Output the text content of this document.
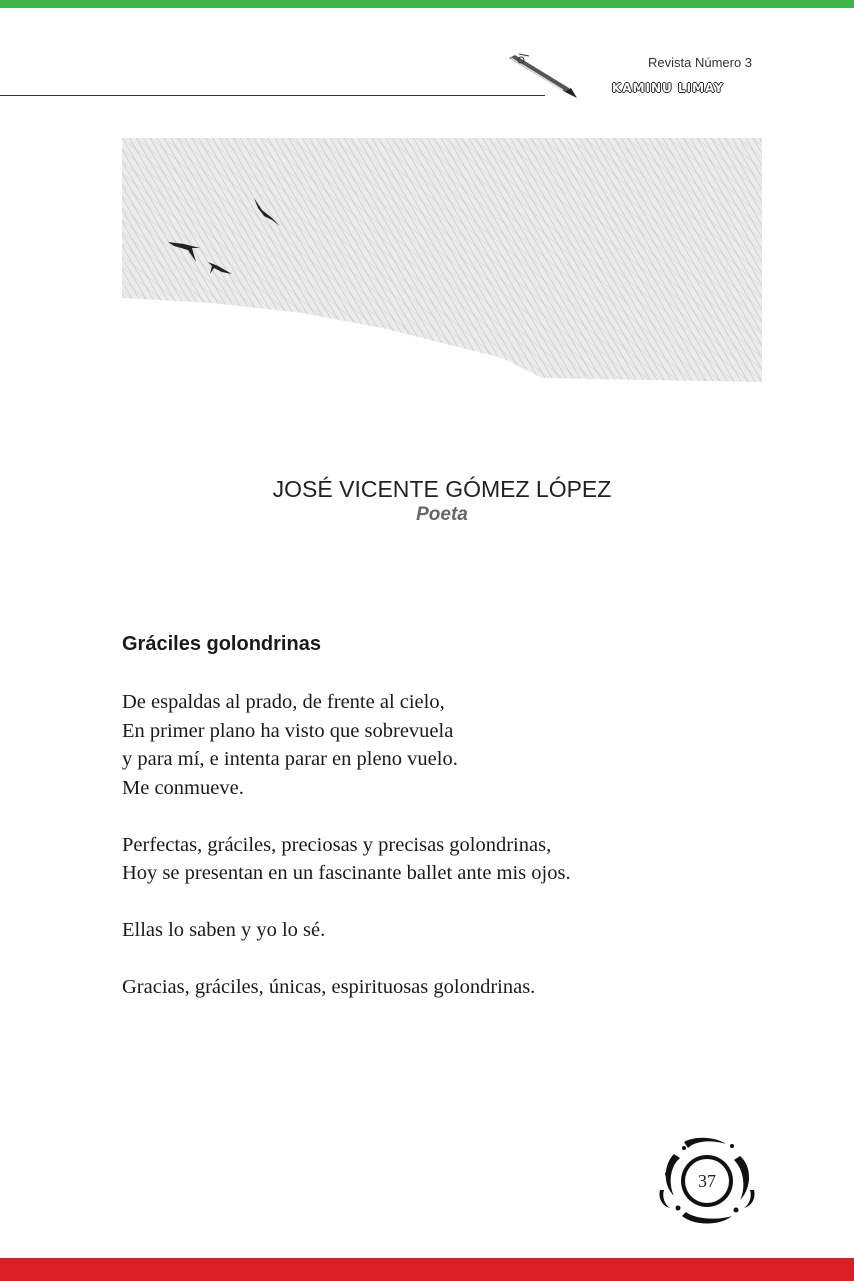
Revista Número 3
KAMINU LIMAY
JOSÉ VICENTE GÓMEZ LÓPEZ
Poeta
Gráciles golondrinas
De espaldas al prado, de frente al cielo,
En primer plano ha visto que sobrevuela
y para mí, e intenta parar en pleno vuelo.
Me conmueve.
Perfectas, gráciles, preciosas y precisas golondrinas,
Hoy se presentan en un fascinante ballet ante mis ojos.
Ellas lo saben y yo lo sé.
Gracias, gráciles, únicas, espirituosas golondrinas.
37
